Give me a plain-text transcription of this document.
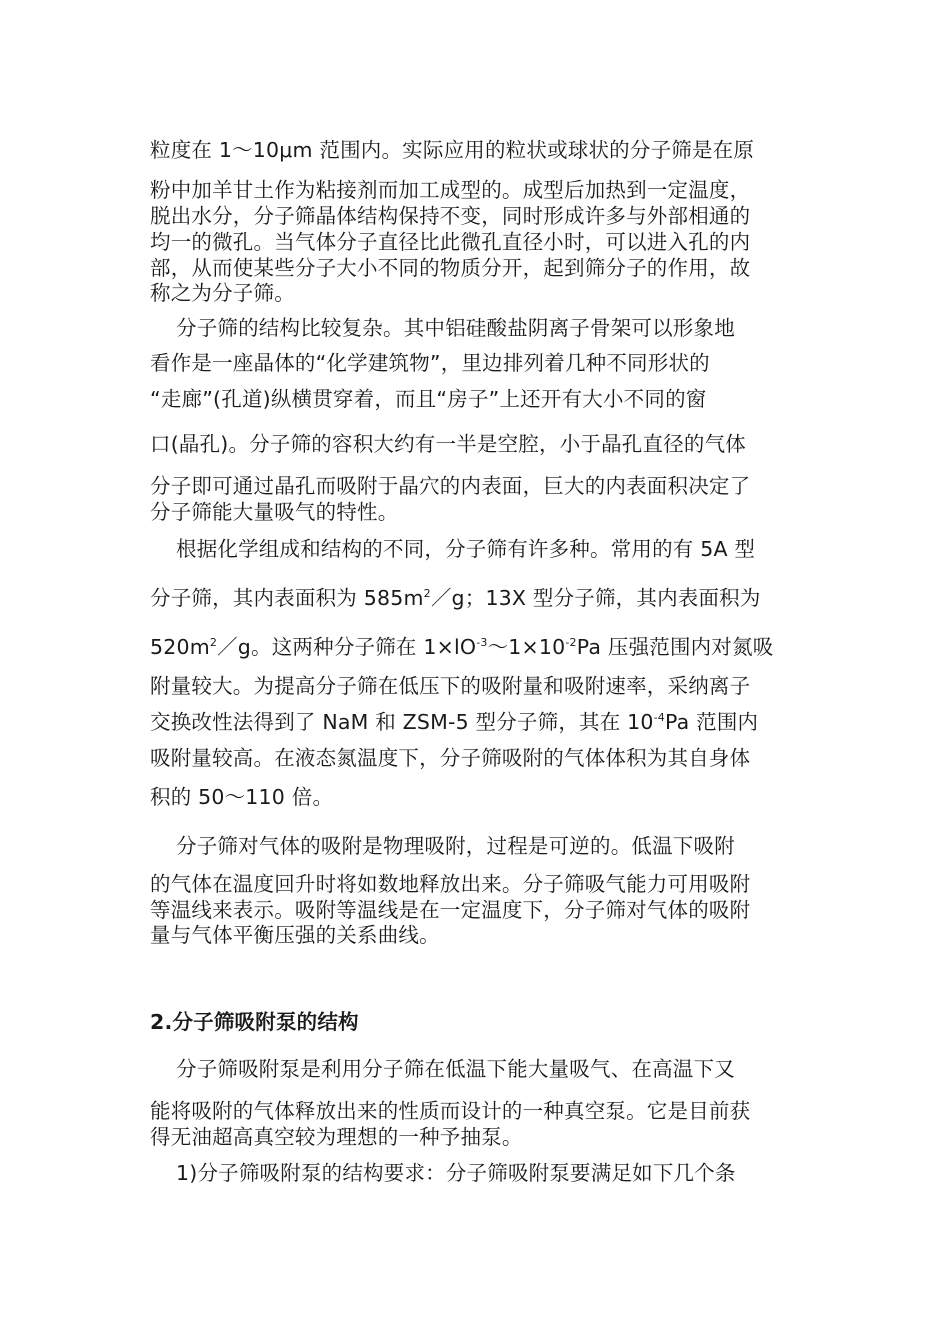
粒度在 1～10μm 范围内。实际应用的粒状或球状的分子筛是在原
粉中加羊甘土作为粘接剂而加工成型的。成型后加热到一定温度，
脱出水分，分子筛晶体结构保持不变，同时形成许多与外部相通的
均一的微孔。当气体分子直径比此微孔直径小时，可以进入孔的内
部，从而使某些分子大小不同的物质分开，起到筛分子的作用，故
称之为分子筛。
分子筛的结构比较复杂。其中铝硅酸盐阴离子骨架可以形象地
看作是一座晶体的“化学建筑物”，里边排列着几种不同形状的
“走廊”(孔道)纵横贯穿着，而且“房子”上还开有大小不同的窗
口(晶孔)。分子筛的容积大约有一半是空腔，小于晶孔直径的气体
分子即可通过晶孔而吸附于晶穴的内表面，巨大的内表面积决定了
分子筛能大量吸气的特性。
根据化学组成和结构的不同，分子筛有许多种。常用的有 5A 型
分子筛，其内表面积为 $585m^2/g$；13X 型分子筛，其内表面积为
$520m^2/g$。这两种分子筛在 $1\times lO^{-3}\sim 1\times 10^{-2}Pa$ 压强范围内对氮吸
附量较大。为提高分子筛在低压下的吸附量和吸附速率，采纳离子
交换改性法得到了 NaM 和 ZSM-5 型分子筛，其在 $10^{-4}Pa$ 范围内
吸附量较高。在液态氮温度下，分子筛吸附的气体体积为其自身体
积的 50～110 倍。
分子筛对气体的吸附是物理吸附，过程是可逆的。低温下吸附
的气体在温度回升时将如数地释放出来。分子筛吸气能力可用吸附
等温线来表示。吸附等温线是在一定温度下，分子筛对气体的吸附
量与气体平衡压强的关系曲线。
2.分子筛吸附泵的结构
分子筛吸附泵是利用分子筛在低温下能大量吸气、在高温下又
能将吸附的气体释放出来的性质而设计的一种真空泵。它是目前获
得无油超高真空较为理想的一种予抽泵。
1)分子筛吸附泵的结构要求：分子筛吸附泵要满足如下几个条
